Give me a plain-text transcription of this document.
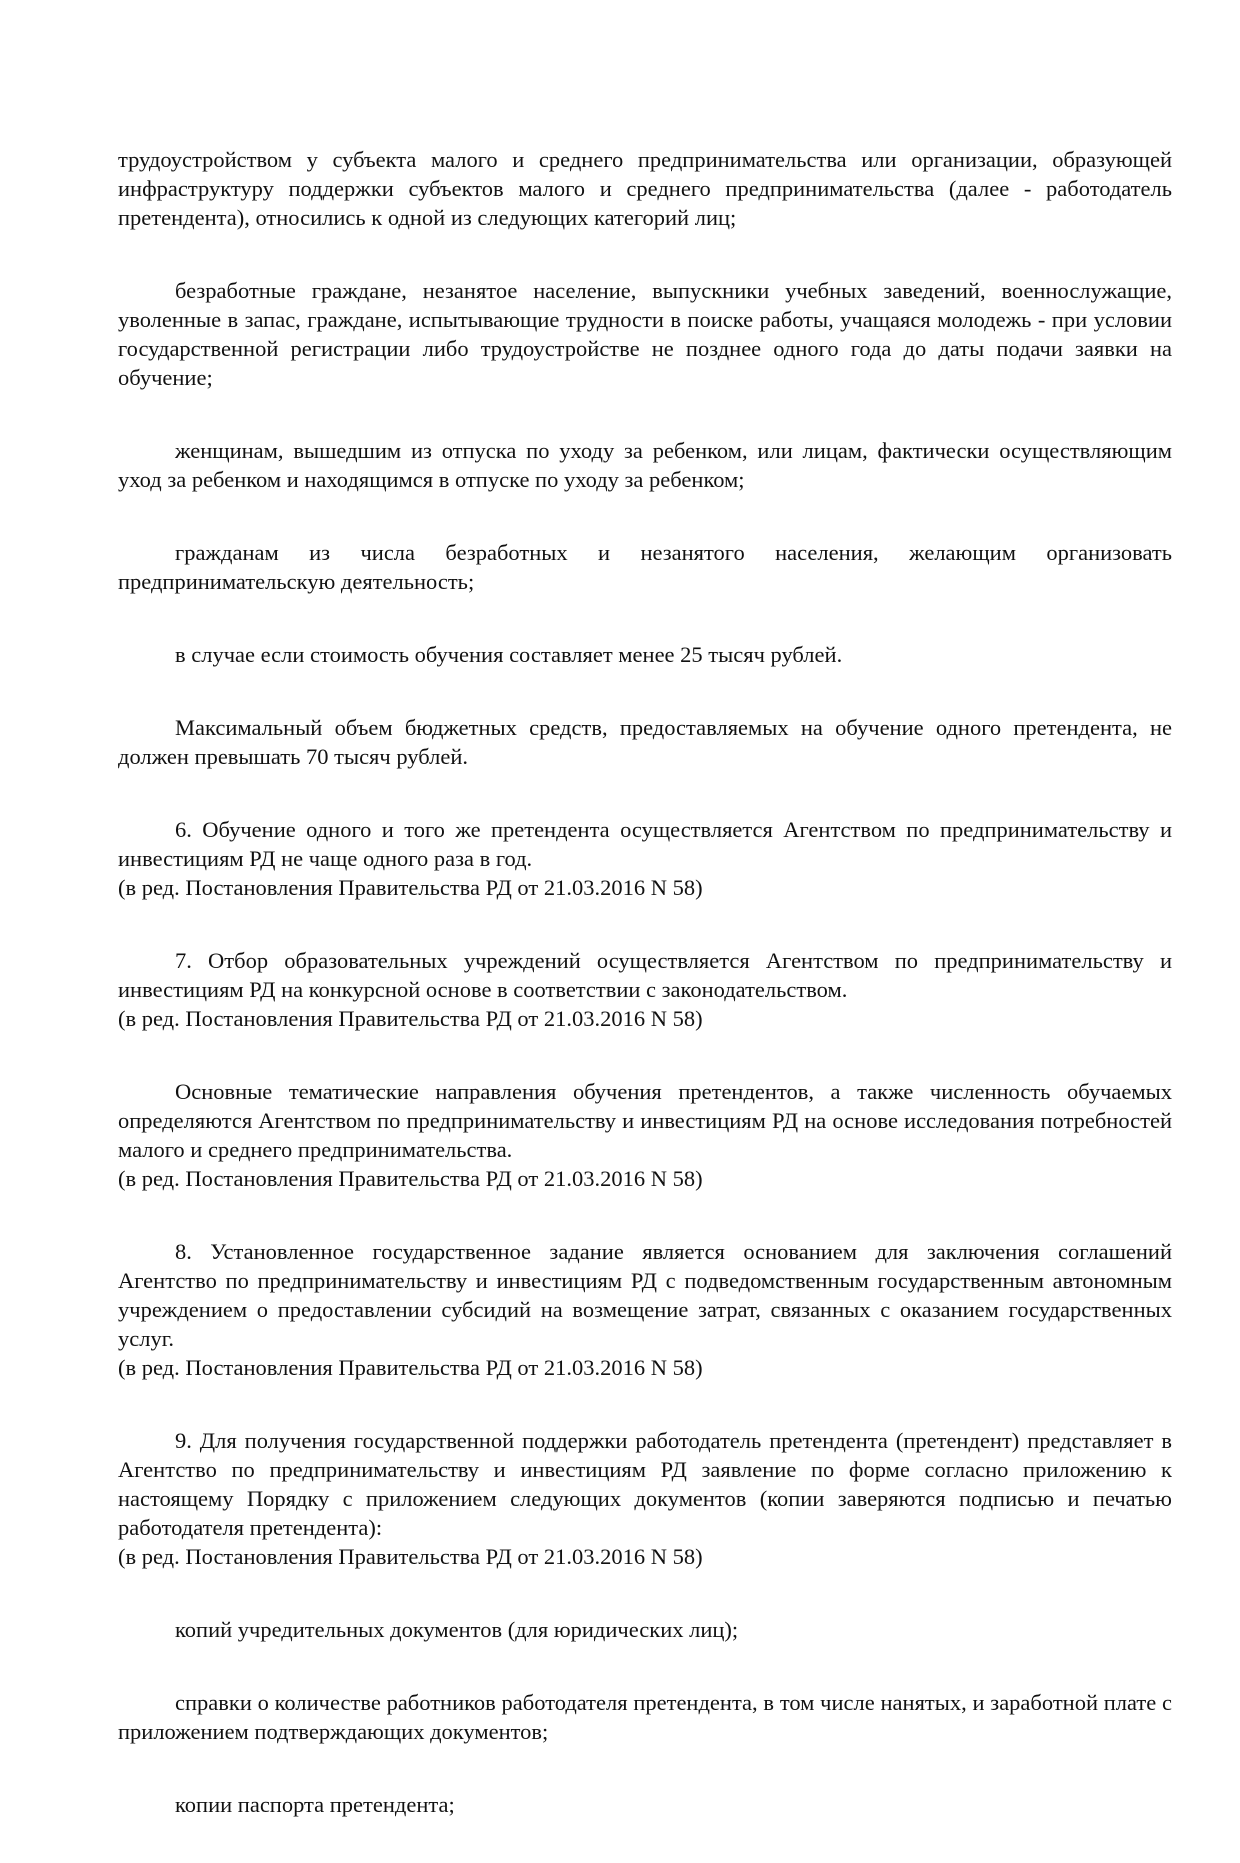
трудоустройством у субъекта малого и среднего предпринимательства или организации, образующей инфраструктуру поддержки субъектов малого и среднего предпринимательства (далее - работодатель претендента), относились к одной из следующих категорий лиц;

безработные граждане, незанятое население, выпускники учебных заведений, военнослужащие, уволенные в запас, граждане, испытывающие трудности в поиске работы, учащаяся молодежь - при условии государственной регистрации либо трудоустройстве не позднее одного года до даты подачи заявки на обучение;

женщинам, вышедшим из отпуска по уходу за ребенком, или лицам, фактически осуществляющим уход за ребенком и находящимся в отпуске по уходу за ребенком;

гражданам из числа безработных и незанятого населения, желающим организовать предпринимательскую деятельность;

в случае если стоимость обучения составляет менее 25 тысяч рублей.

Максимальный объем бюджетных средств, предоставляемых на обучение одного претендента, не должен превышать 70 тысяч рублей.

6. Обучение одного и того же претендента осуществляется Агентством по предпринимательству и инвестициям РД не чаще одного раза в год.
(в ред. Постановления Правительства РД от 21.03.2016 N 58)

7. Отбор образовательных учреждений осуществляется Агентством по предпринимательству и инвестициям РД на конкурсной основе в соответствии с законодательством.
(в ред. Постановления Правительства РД от 21.03.2016 N 58)

Основные тематические направления обучения претендентов, а также численность обучаемых определяются Агентством по предпринимательству и инвестициям РД на основе исследования потребностей малого и среднего предпринимательства.
(в ред. Постановления Правительства РД от 21.03.2016 N 58)

8. Установленное государственное задание является основанием для заключения соглашений Агентство по предпринимательству и инвестициям РД с подведомственным государственным автономным учреждением о предоставлении субсидий на возмещение затрат, связанных с оказанием государственных услуг.
(в ред. Постановления Правительства РД от 21.03.2016 N 58)

9. Для получения государственной поддержки работодатель претендента (претендент) представляет в Агентство по предпринимательству и инвестициям РД заявление по форме согласно приложению к настоящему Порядку с приложением следующих документов (копии заверяются подписью и печатью работодателя претендента):
(в ред. Постановления Правительства РД от 21.03.2016 N 58)

копий учредительных документов (для юридических лиц);

справки о количестве работников работодателя претендента, в том числе нанятых, и заработной плате с приложением подтверждающих документов;

копии паспорта претендента;
